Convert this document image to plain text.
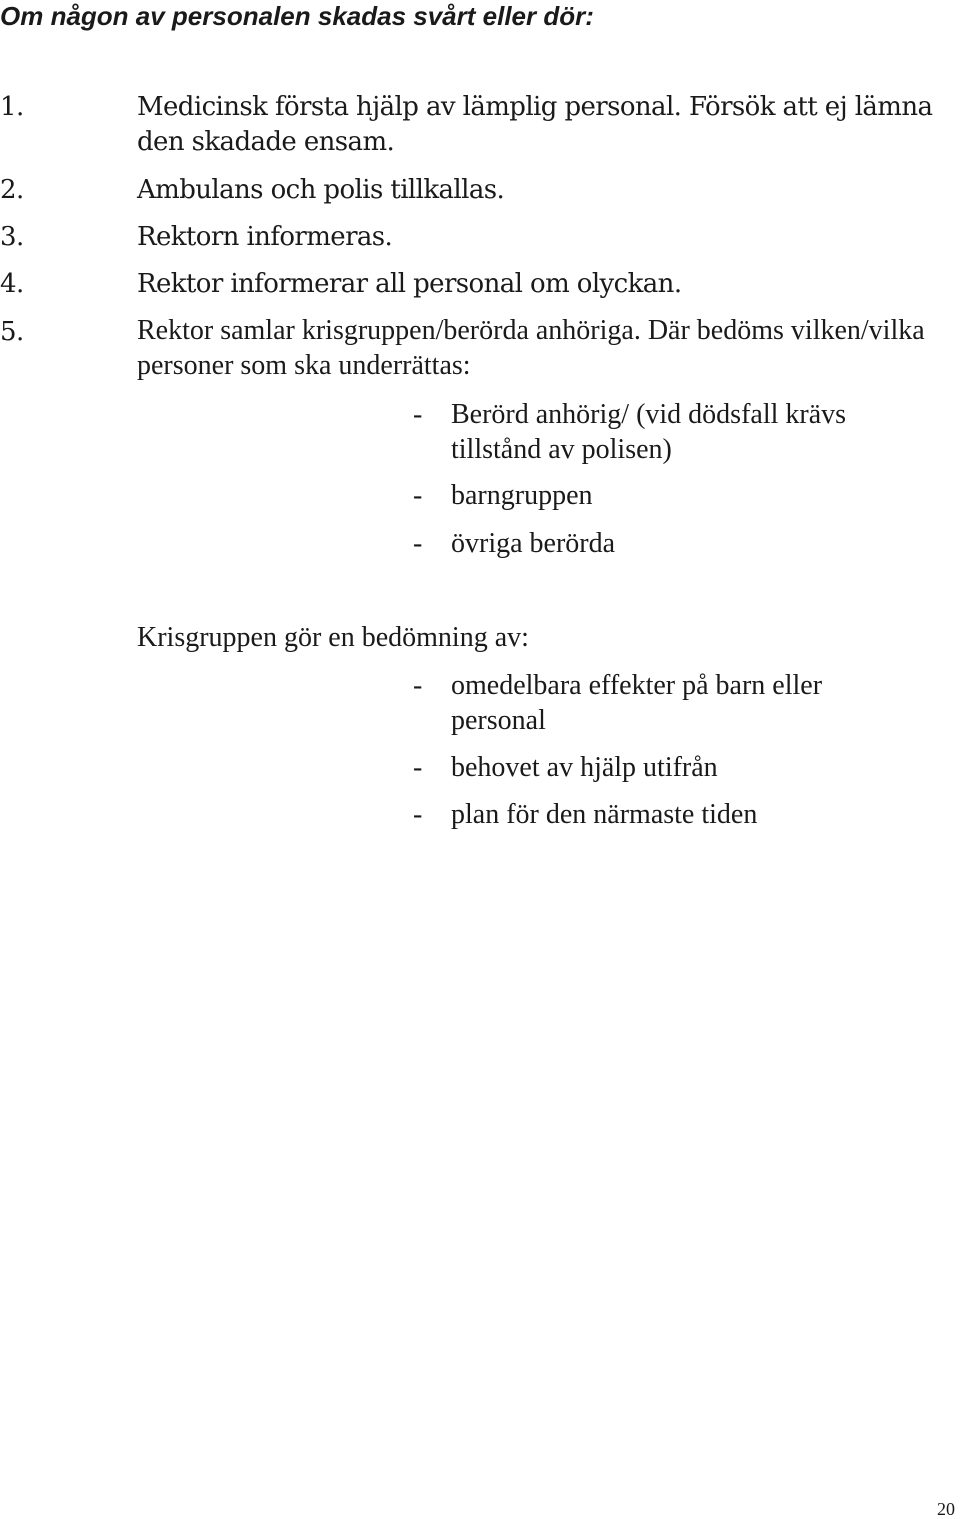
Om någon av personalen skadas svårt eller dör:
1.	Medicinsk första hjälp av lämplig personal. Försök att ej lämna den skadade ensam.
2.	Ambulans och polis tillkallas.
3.	Rektorn informeras.
4.	Rektor informerar all personal om olyckan.
5.	Rektor samlar krisgruppen/berörda anhöriga. Där bedöms vilken/vilka personer som ska underrättas:
- Berörd anhörig/ (vid dödsfall krävs tillstånd av polisen)
- barngruppen
- övriga berörda
Krisgruppen gör en bedömning av:
- omedelbara effekter på barn eller personal
- behovet av hjälp utifrån
- plan för den närmaste tiden
20
